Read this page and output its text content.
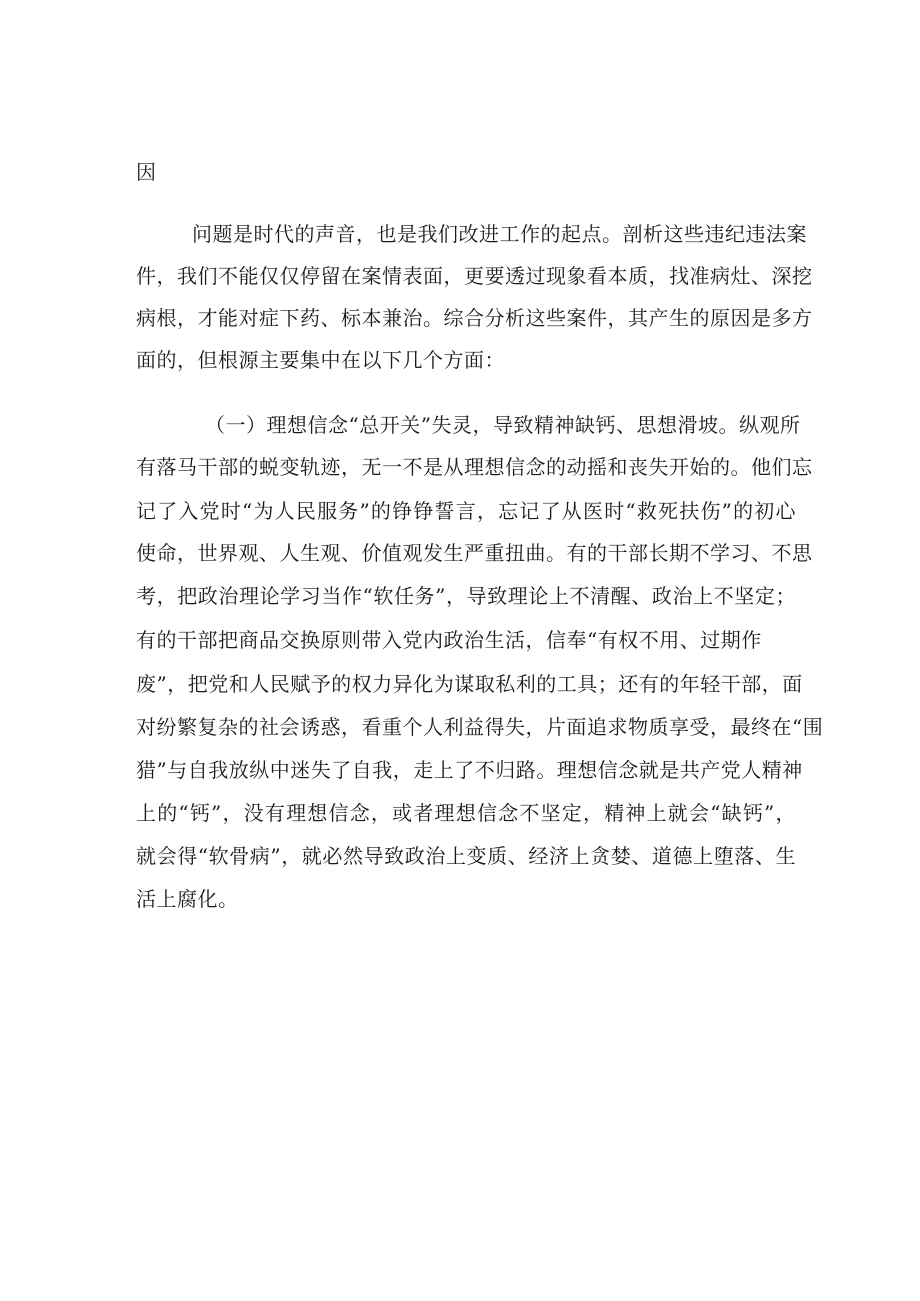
因
问题是时代的声音，也是我们改进工作的起点。剖析这些违纪违法案
件，我们不能仅仅停留在案情表面，更要透过现象看本质，找准病灶、深挖
病根，才能对症下药、标本兼治。综合分析这些案件，其产生的原因是多方
面的，但根源主要集中在以下几个方面：
（一）理想信念“总开关”失灵，导致精神缺钙、思想滑坡。纵观所
有落马干部的蜕变轨迹，无一不是从理想信念的动摇和丧失开始的。他们忘
记了入党时“为人民服务”的铮铮誓言，忘记了从医时“救死扶伤”的初心
使命，世界观、人生观、价值观发生严重扭曲。有的干部长期不学习、不思
考，把政治理论学习当作“软任务”，导致理论上不清醒、政治上不坚定；
有的干部把商品交换原则带入党内政治生活，信奉“有权不用、过期作
废”，把党和人民赋予的权力异化为谋取私利的工具；还有的年轻干部，面
对纷繁复杂的社会诱惑，看重个人利益得失，片面追求物质享受，最终在“围
猎”与自我放纵中迷失了自我，走上了不归路。理想信念就是共产党人精神
上的“钙”，没有理想信念，或者理想信念不坚定，精神上就会“缺钙”，
就会得“软骨病”，就必然导致政治上变质、经济上贪婪、道德上堕落、生
活上腐化。
